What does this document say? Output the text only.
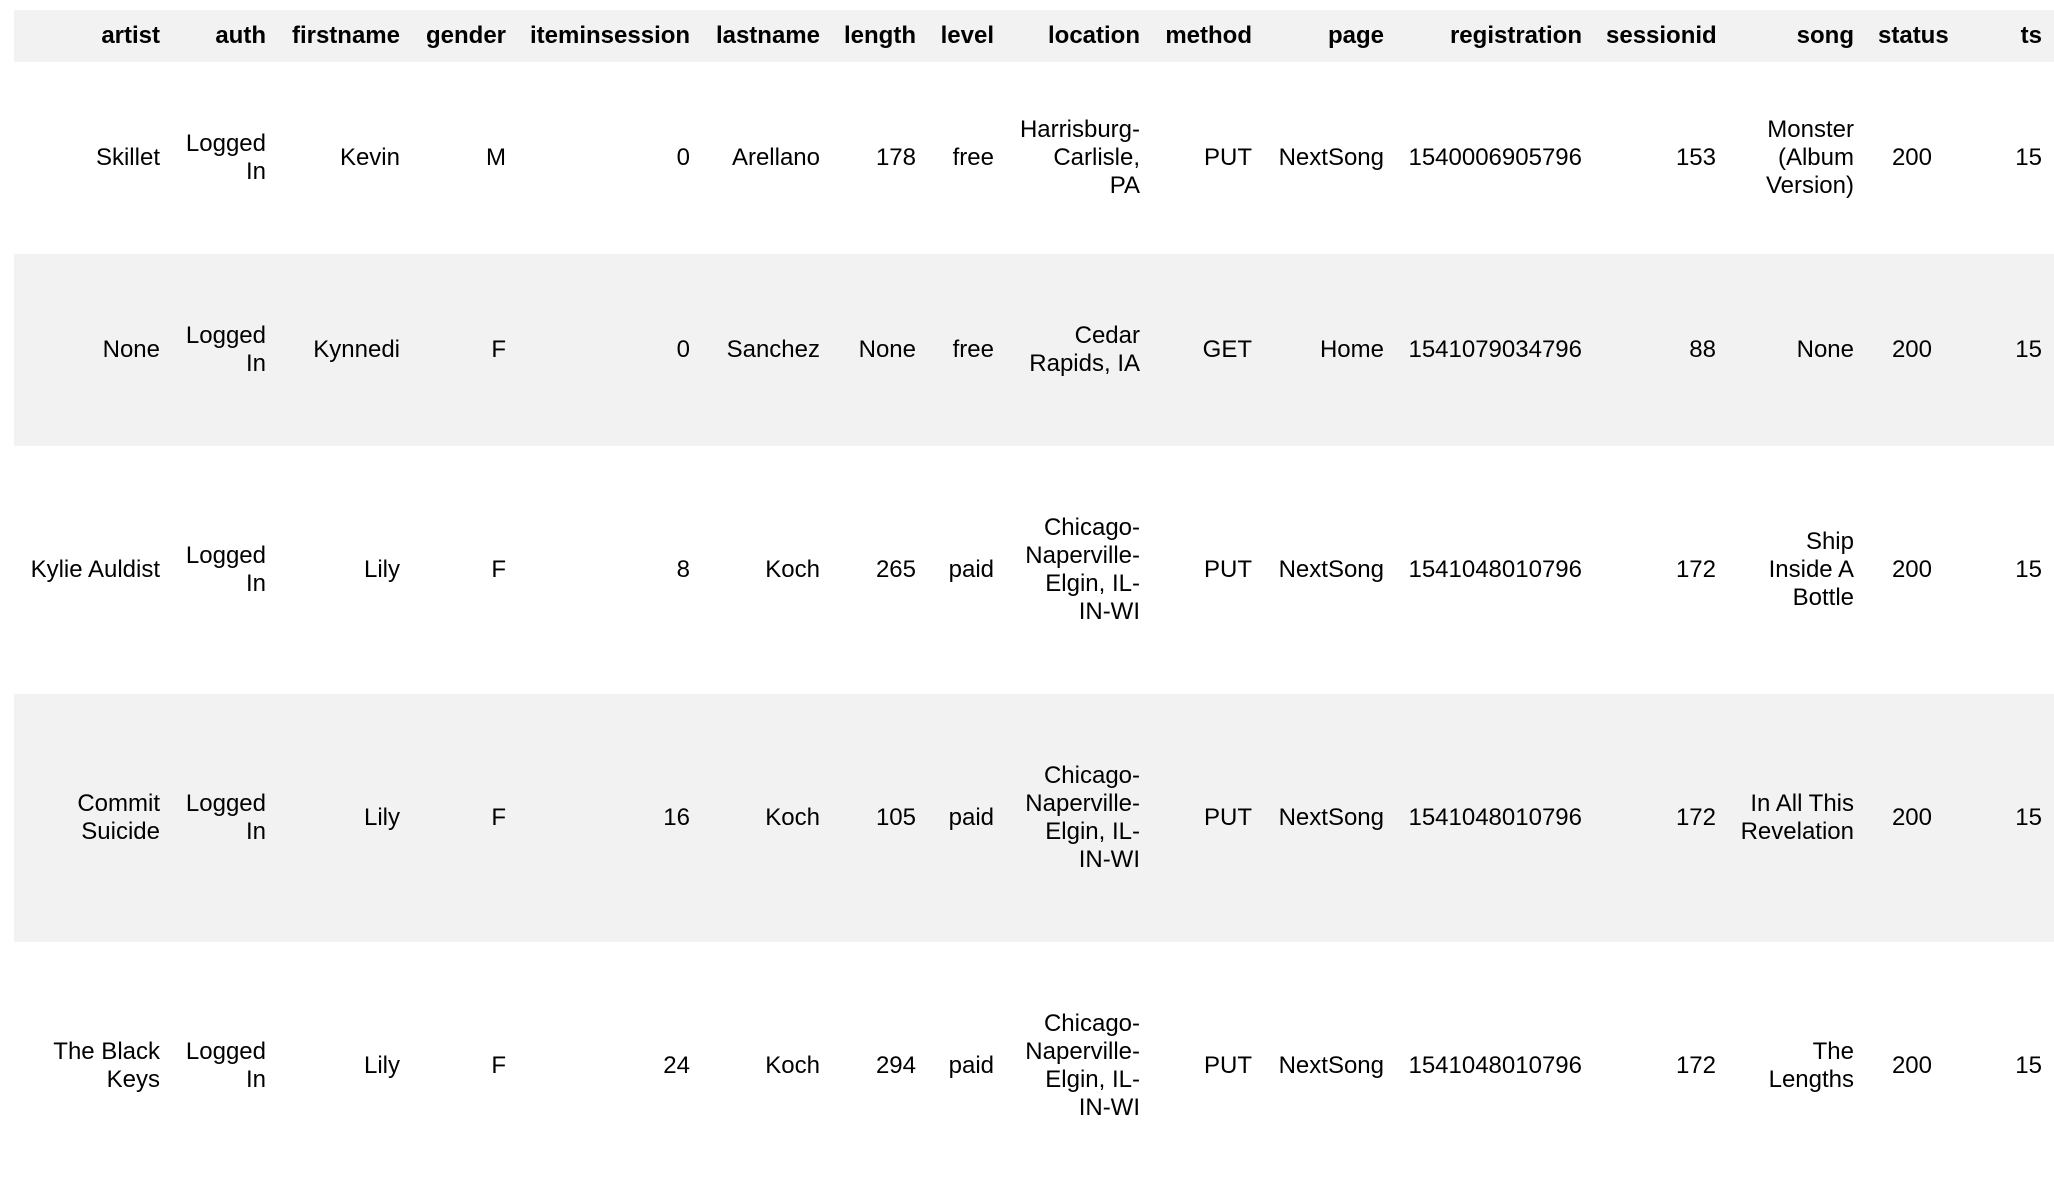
artist	auth	firstname	gender	iteminsession	lastname	length	level	location	method	page	registration	sessionid	song	status	ts
Skillet	Logged In	Kevin	M	0	Arellano	178	free	Harrisburg-Carlisle, PA	PUT	NextSong	1540006905796	153	Monster (Album Version)	200	15
None	Logged In	Kynnedi	F	0	Sanchez	None	free	Cedar Rapids, IA	GET	Home	1541079034796	88	None	200	15
Kylie Auldist	Logged In	Lily	F	8	Koch	265	paid	Chicago-Naperville-Elgin, IL-IN-WI	PUT	NextSong	1541048010796	172	Ship Inside A Bottle	200	15
Commit Suicide	Logged In	Lily	F	16	Koch	105	paid	Chicago-Naperville-Elgin, IL-IN-WI	PUT	NextSong	1541048010796	172	In All This Revelation	200	15
The Black Keys	Logged In	Lily	F	24	Koch	294	paid	Chicago-Naperville-Elgin, IL-IN-WI	PUT	NextSong	1541048010796	172	The Lengths	200	15
